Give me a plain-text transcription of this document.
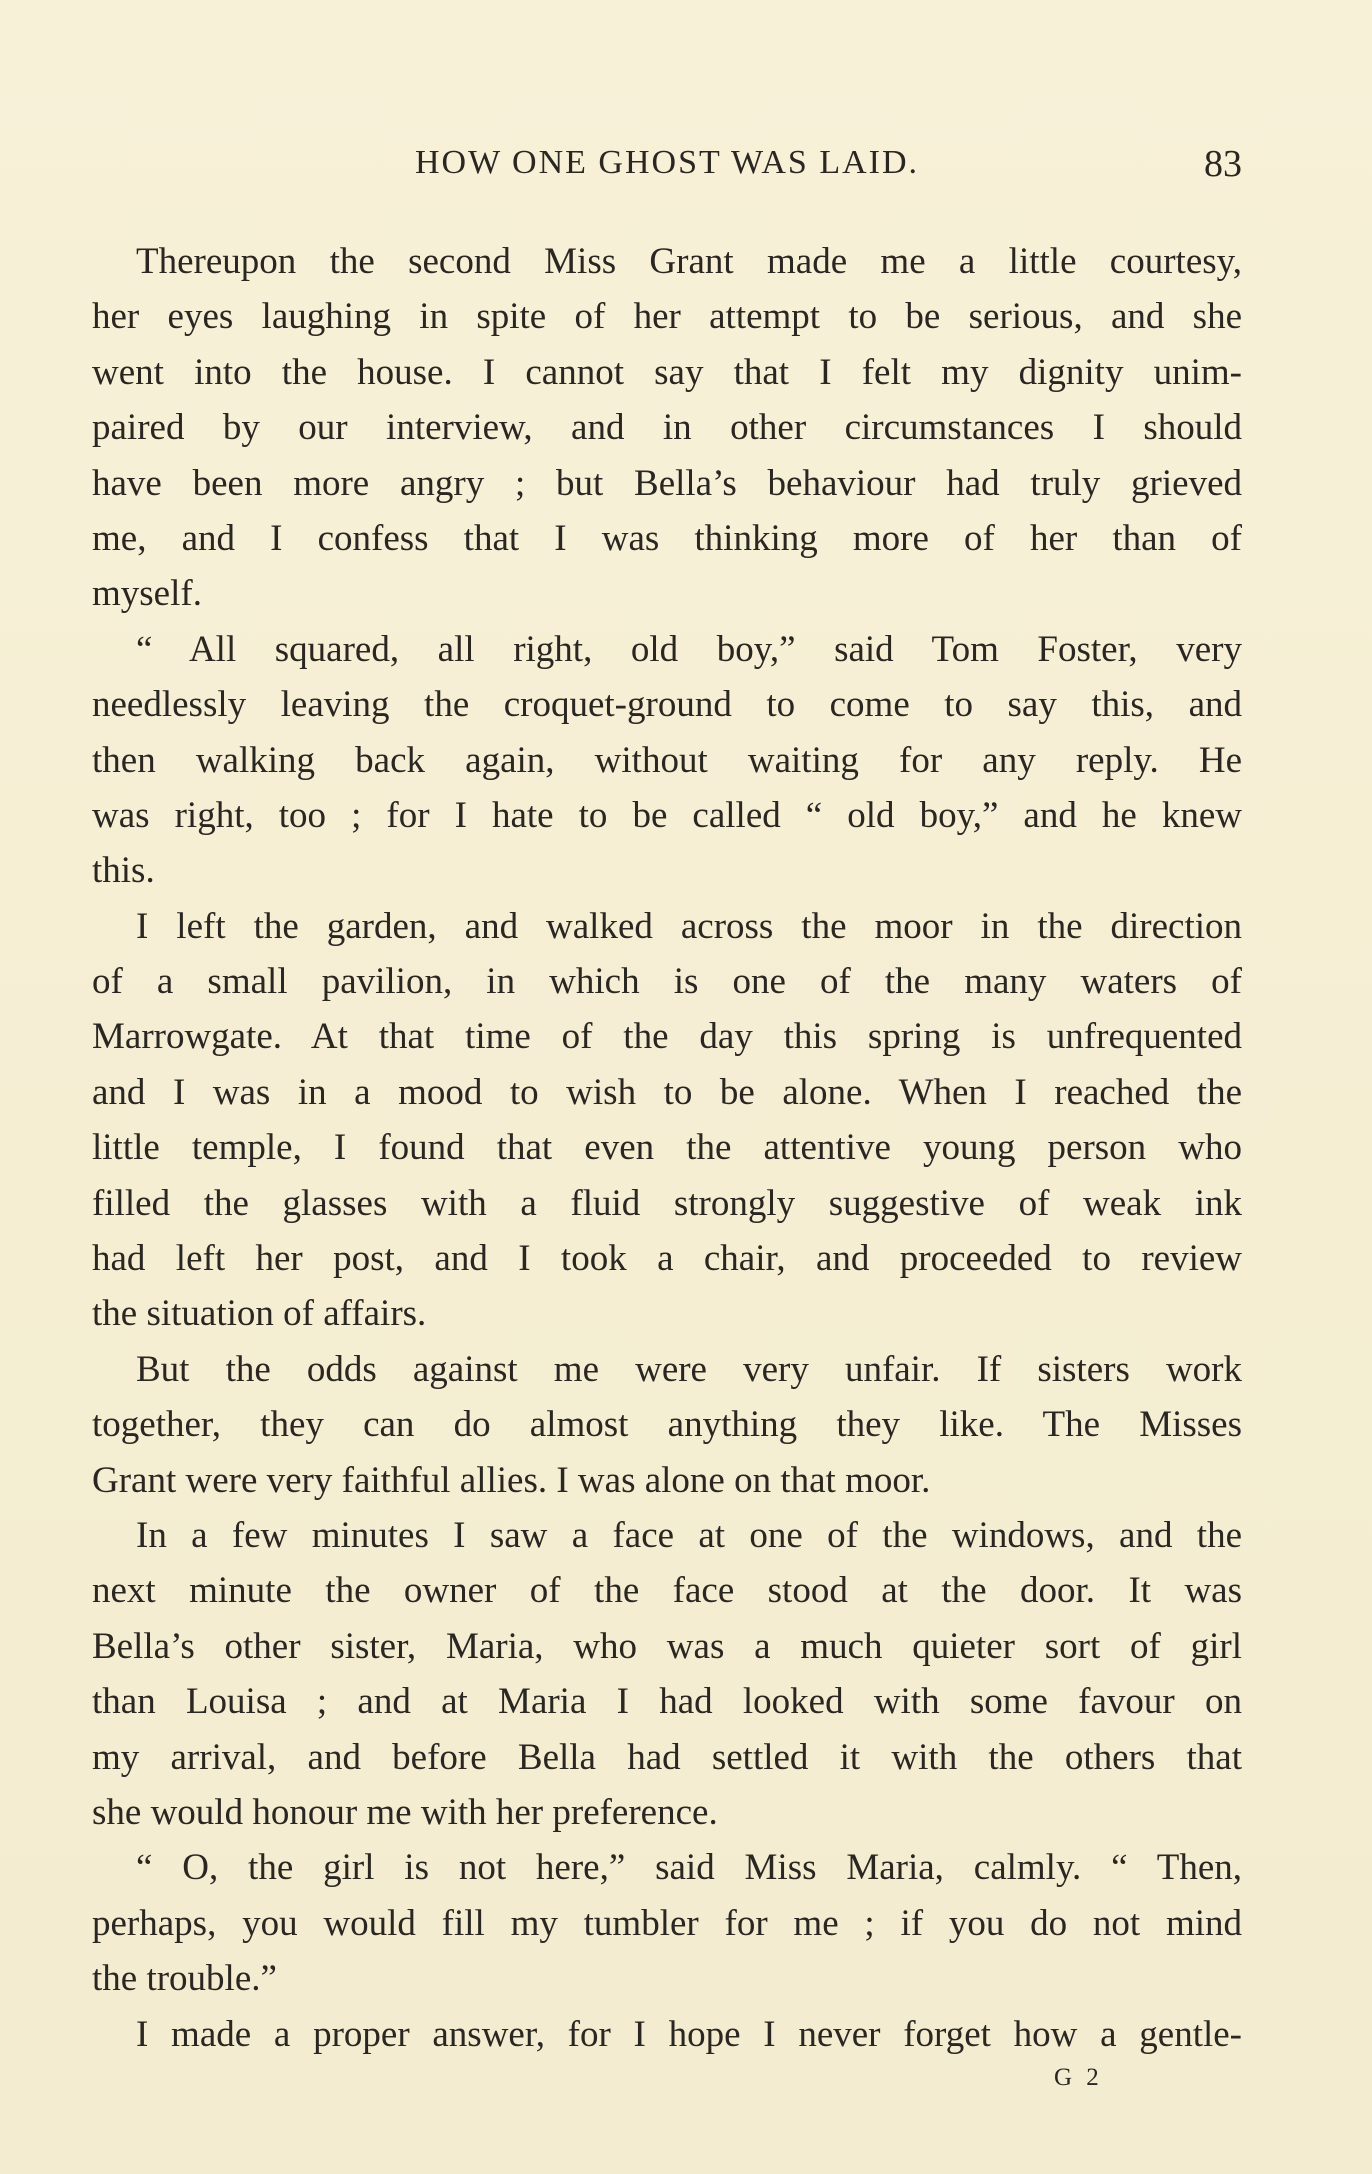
HOW ONE GHOST WAS LAID.	83
Thereupon the second Miss Grant made me a little courtesy,
her eyes laughing in spite of her attempt to be serious, and she
went into the house. I cannot say that I felt my dignity unim-
paired by our interview, and in other circumstances I should
have been more angry ; but Bella’s behaviour had truly grieved
me, and I confess that I was thinking more of her than of
myself.
“ All squared, all right, old boy,” said Tom Foster, very
needlessly leaving the croquet-ground to come to say this, and
then walking back again, without waiting for any reply. He
was right, too ; for I hate to be called “ old boy,” and he knew
this.
I left the garden, and walked across the moor in the direction
of a small pavilion, in which is one of the many waters of
Marrowgate. At that time of the day this spring is unfrequented
and I was in a mood to wish to be alone. When I reached the
little temple, I found that even the attentive young person who
filled the glasses with a fluid strongly suggestive of weak ink
had left her post, and I took a chair, and proceeded to review
the situation of affairs.
But the odds against me were very unfair. If sisters work
together, they can do almost anything they like. The Misses
Grant were very faithful allies. I was alone on that moor.
In a few minutes I saw a face at one of the windows, and the
next minute the owner of the face stood at the door. It was
Bella’s other sister, Maria, who was a much quieter sort of girl
than Louisa ; and at Maria I had looked with some favour on
my arrival, and before Bella had settled it with the others that
she would honour me with her preference.
“ O, the girl is not here,” said Miss Maria, calmly. “ Then,
perhaps, you would fill my tumbler for me ; if you do not mind
the trouble.”
I made a proper answer, for I hope I never forget how a gentle-
G 2
